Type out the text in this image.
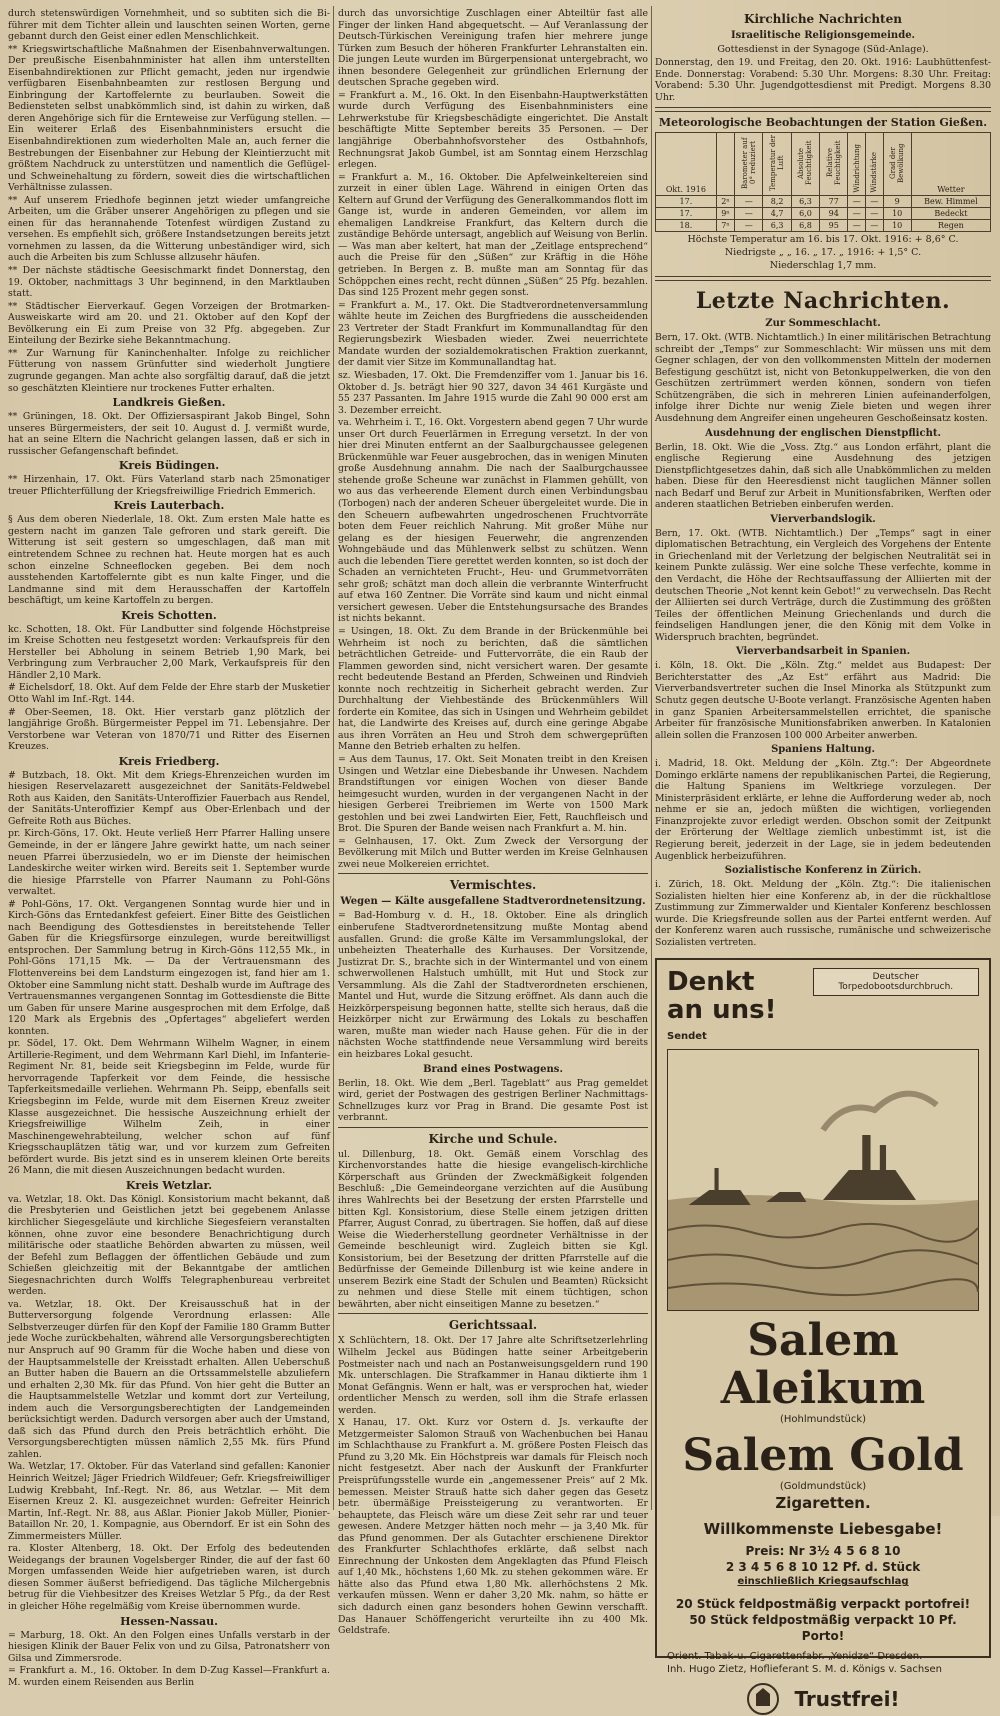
durch stetenswürdigen Vornehmheit, und so subtiten sich die Bi- führer mit dem Tichter allein und lauschten seinen Worten, gerne gebannt durch den Geist einer edlen Menschlichkeit.

** Kriegswirtschaftliche Maßnahmen der Eisenbahnverwaltungen. Der preußische Eisenbahnminister hat allen ihm unterstellten Eisenbahndirektionen zur Pflicht gemacht, jeden nur irgendwie verfügbaren Eisenbahnbeamten zur restlosen Bergung und Einbringung der Kartoffelernte zu beurlauben. Soweit die Bediensteten selbst unabkömmlich sind, ist dahin zu wirken, daß deren Angehörige sich für die Ernteweise zur Verfügung stellen. — Ein weiterer Erlaß des Eisenbahnministers ersucht die Eisenbahndirektionen zum wiederholten Male an, auch ferner die Bestrebungen der Eisenbahner zur Hebung der Kleintierzucht mit größtem Nachdruck zu unterstützen und namentlich die Geflügel- und Schweinehaltung zu fördern, soweit dies die wirtschaftlichen Verhältnisse zulassen.

** Auf unserem Friedhofe beginnen jetzt wieder umfangreiche Arbeiten, um die Gräber unserer Angehörigen zu pflegen und sie einen für das herannahende Totenfest würdigen Zustand zu versehen. Es empfiehlt sich, größere Instandsetzungen bereits jetzt vornehmen zu lassen, da die Witterung unbeständiger wird, sich auch die Arbeiten bis zum Schlusse allzusehr häufen.

** Der nächste städtische Geesischmarkt findet Donnerstag, den 19. Oktober, nachmittags 3 Uhr beginnend, in den Marktlauben statt.

** Städtischer Eierverkauf. Gegen Vorzeigen der Brotmarken-Ausweiskarte wird am 20. und 21. Oktober auf den Kopf der Bevölkerung ein Ei zum Preise von 32 Pfg. abgegeben. Zur Einteilung der Bezirke siehe Bekanntmachung.

** Zur Warnung für Kaninchenhalter. Infolge zu reichlicher Fütterung von nassem Grünfutter sind wiederholt Jungtiere zugrunde gegangen. Man achte also sorgfältig darauf, daß die jetzt so geschätzten Kleintiere nur trockenes Futter erhalten.

Landkreis Gießen.

** Grüningen, 18. Okt. Der Offiziersaspirant Jakob Bingel, Sohn unseres Bürgermeisters, der seit 10. August d. J. vermißt wurde, hat an seine Eltern die Nachricht gelangen lassen, daß er sich in russischer Gefangenschaft befindet.

Kreis Büdingen.

** Hirzenhain, 17. Okt. Fürs Vaterland starb nach 25monatiger treuer Pflichterfüllung der Kriegsfreiwillige Friedrich Emmerich.

Kreis Lauterbach.

§ Aus dem oberen Niederlale, 18. Okt. Zum ersten Male hatte es gestern nacht im ganzen Tale gefroren und stark gereift. Die Witterung ist seit gestern so umgeschlagen, daß man mit eintretendem Schnee zu rechnen hat. Heute morgen hat es auch schon einzelne Schneeflocken gegeben. Bei dem noch ausstehenden Kartoffelernte gibt es nun kalte Finger, und die Landmanne sind mit dem Herausschaffen der Kartoffeln beschäftigt, um keine Kartoffeln zu bergen.

Kreis Schotten.

kc. Schotten, 18. Okt. Für Landbutter sind folgende Höchstpreise im Kreise Schotten neu festgesetzt worden: Verkaufspreis für den Hersteller bei Abholung in seinem Betrieb 1,90 Mark, bei Verbringung zum Verbraucher 2,00 Mark, Verkaufspreis für den Händler 2,10 Mark.

# Eichelsdorf, 18. Okt. Auf dem Felde der Ehre starb der Musketier Otto Wahl im Inf.-Rgt. 144.

# Ober-Seemen, 18. Okt. Hier verstarb ganz plötzlich der langjährige Großh. Bürgermeister Peppel im 71. Lebensjahre. Der Verstorbene war Veteran von 1870/71 und Ritter des Eisernen Kreuzes.

Kreis Friedberg.

# Butzbach, 18. Okt. Mit dem Kriegs-Ehrenzeichen wurden im hiesigen Reservelazarett ausgezeichnet der Sanitäts-Feldwebel Roth aus Kaiden, den Sanitäts-Unteroffizier Fauerbach aus Rendel, der Sanitäts-Unteroffizier Kempf aus Ober-Erlenbach und der Gefreite Roth aus Büches.

pr. Kirch-Göns, 17. Okt. Heute verließ Herr Pfarrer Halling unsere Gemeinde, in der er längere Jahre gewirkt hatte, um nach seiner neuen Pfarrei überzusiedeln, wo er im Dienste der heimischen Landeskirche weiter wirken wird. Bereits seit 1. September wurde die hiesige Pfarrstelle von Pfarrer Naumann zu Pohl-Göns verwaltet.

# Pohl-Göns, 17. Okt. Vergangenen Sonntag wurde hier und in Kirch-Göns das Erntedankfest gefeiert. Einer Bitte des Geistlichen nach Beendigung des Gottesdienstes in bereitstehende Teller Gaben für die Kriegsfürsorge einzulegen, wurde bereitwilligst entsprochen. Der Sammlung betrug in Kirch-Göns 112,55 Mk., in Pohl-Göns 171,15 Mk. — Da der Vertrauensmann des Flottenvereins bei dem Landsturm eingezogen ist, fand hier am 1. Oktober eine Sammlung nicht statt. Deshalb wurde im Auftrage des Vertrauensmannes vergangenen Sonntag im Gottesdienste die Bitte um Gaben für unsere Marine ausgesprochen mit dem Erfolge, daß 120 Mark als Ergebnis des „Opfertages“ abgeliefert werden konnten.

pr. Södel, 17. Okt. Dem Wehrmann Wilhelm Wagner, in einem Artillerie-Regiment, und dem Wehrmann Karl Diehl, im Infanterie-Regiment Nr. 81, beide seit Kriegsbeginn im Felde, wurde für hervorragende Tapferkeit vor dem Feinde, die hessische Tapferkeitsmedaille verliehen. Wehrmann Ph. Seipp, ebenfalls seit Kriegsbeginn im Felde, wurde mit dem Eisernen Kreuz zweiter Klasse ausgezeichnet. Die hessische Auszeichnung erhielt der Kriegsfreiwillige Wilhelm Zeih, in einer Maschinengewehrabteilung, welcher schon auf fünf Kriegsschauplätzen tätig war, und vor kurzem zum Gefreiten befördert wurde. Bis jetzt sind es in unserem kleinen Orte bereits 26 Mann, die mit diesen Auszeichnungen bedacht wurden.

Kreis Wetzlar.

va. Wetzlar, 18. Okt. Das Königl. Konsistorium macht bekannt, daß die Presbyterien und Geistlichen jetzt bei gegebenem Anlasse kirchlicher Siegesgeläute und kirchliche Siegesfeiern veranstalten können, ohne zuvor eine besondere Benachrichtigung durch militärische oder staatliche Behörden abwarten zu müssen, weil der Befehl zum Beflaggen der öffentlichen Gebäude und zum Schießen gleichzeitig mit der Bekanntgabe der amtlichen Siegesnachrichten durch Wolffs Telegraphenbureau verbreitet werden.

va. Wetzlar, 18. Okt. Der Kreisausschuß hat in der Butterversorgung folgende Verordnung erlassen: Alle Selbstverzeuger dürfen für den Kopf der Familie 180 Gramm Butter jede Woche zurückbehalten, während alle Versorgungsberechtigten nur Anspruch auf 90 Gramm für die Woche haben und diese von der Hauptsammelstelle der Kreisstadt erhalten. Allen Ueberschuß an Butter haben die Bauern an die Ortssammelstelle abzuliefern und erhalten 2,30 Mk. für das Pfund. Von hier geht die Butter an die Hauptsammelstelle Wetzlar und kommt dort zur Verteilung, indem auch die Versorgungsberechtigten der Landgemeinden berücksichtigt werden. Dadurch versorgen aber auch der Umstand, daß sich das Pfund durch den Preis beträchtlich erhöht. Die Versorgungsberechtigten müssen nämlich 2,55 Mk. fürs Pfund zahlen.

Wa. Wetzlar, 17. Oktober. Für das Vaterland sind gefallen: Kanonier Heinrich Weitzel; Jäger Friedrich Wildfeuer; Gefr. Kriegsfreiwilliger Ludwig Krebbaht, Inf.-Regt. Nr. 86, aus Wetzlar. — Mit dem Eisernen Kreuz 2. Kl. ausgezeichnet wurden: Gefreiter Heinrich Martin, Inf.-Regt. Nr. 88, aus Aßlar. Pionier Jakob Müller, Pionier-Bataillon Nr. 20, 1. Kompagnie, aus Oberndorf. Er ist ein Sohn des Zimmermeisters Müller.

ra. Kloster Altenberg, 18. Okt. Der Erfolg des bedeutenden Weidegangs der braunen Vogelsberger Rinder, die auf der fast 60 Morgen umfassenden Weide hier aufgetrieben waren, ist durch diesen Sommer äußerst befriedigend. Das tägliche Milchergebnis betrug für die Viehbesitzer des Kreises Wetzlar 5 Pfg., da der Rest in gleicher Höhe regelmäßig vom Kreise übernommen wurde.

Hessen-Nassau.

= Marburg, 18. Okt. An den Folgen eines Unfalls verstarb in der hiesigen Klinik der Bauer Felix von und zu Gilsa, Patronatsherr von Gilsa und Zimmersrode.

= Frankfurt a. M., 16. Oktober. In dem D-Zug Kassel—Frankfurt a. M. wurden einem Reisenden aus Berlin

durch das unvorsichtige Zuschlagen einer Abteiltür fast alle Finger der linken Hand abgequetscht. — Auf Veranlassung der Deutsch-Türkischen Vereinigung trafen hier mehrere junge Türken zum Besuch der höheren Frankfurter Lehranstalten ein. Die jungen Leute wurden im Bürgerpensionat untergebracht, wo ihnen besondere Gelegenheit zur gründlichen Erlernung der deutschen Sprache gegeben wird.

= Frankfurt a. M., 16. Okt. In den Eisenbahn-Hauptwerkstätten wurde durch Verfügung des Eisenbahnministers eine Lehrwerkstube für Kriegsbeschädigte eingerichtet. Die Anstalt beschäftigte Mitte September bereits 35 Personen. — Der langjährige Oberbahnhofsvorsteher des Ostbahnhofs, Rechnungsrat Jakob Gumbel, ist am Sonntag einem Herzschlag erlegen.

= Frankfurt a. M., 16. Oktober. Die Apfelweinkeltereien sind zurzeit in einer üblen Lage. Während in einigen Orten das Keltern auf Grund der Verfügung des Generalkommandos flott im Gange ist, wurde in anderen Gemeinden, vor allem im ehemaligen Landkreise Frankfurt, das Keltern durch die zuständige Behörde untersagt, angeblich auf Weisung von Berlin. — Was man aber keltert, hat man der „Zeitlage entsprechend“ auch die Preise für den „Süßen“ zur Kräftig in die Höhe getrieben. In Bergen z. B. mußte man am Sonntag für das Schöppchen eines recht, recht dünnen „Süßen“ 25 Pfg. bezahlen. Das sind 125 Prozent mehr gegen sonst.

= Frankfurt a. M., 17. Okt. Die Stadtverordnetenversammlung wählte heute im Zeichen des Burgfriedens die ausscheidenden 23 Vertreter der Stadt Frankfurt im Kommunallandtag für den Regierungsbezirk Wiesbaden wieder. Zwei neuerrichtete Mandate wurden der sozialdemokratischen Fraktion zuerkannt, der damit vier Sitze im Kommunallandtag hat.

sz. Wiesbaden, 17. Okt. Die Fremdenziffer vom 1. Januar bis 16. Oktober d. Js. beträgt hier 90 327, davon 34 461 Kurgäste und 55 237 Passanten. Im Jahre 1915 wurde die Zahl 90 000 erst am 3. Dezember erreicht.

va. Wehrheim i. T., 16. Okt. Vorgestern abend gegen 7 Uhr wurde unser Ort durch Feuerlärmen in Erregung versetzt. In der von hier drei Minuten entfernt an der Saalburgchaussee gelegenen Brückenmühle war Feuer ausgebrochen, das in wenigen Minuten große Ausdehnung annahm. Die nach der Saalburgchaussee stehende große Scheune war zunächst in Flammen gehüllt, von wo aus das verheerende Element durch einen Verbindungsbau (Torbogen) nach der anderen Scheuer übergeleitet wurde. Die in den Scheuern aufbewahrten ungedroschenen Fruchtvorräte boten dem Feuer reichlich Nahrung. Mit großer Mühe nur gelang es der hiesigen Feuerwehr, die angrenzenden Wohngebäude und das Mühlenwerk selbst zu schützen. Wenn auch die lebenden Tiere gerettet werden konnten, so ist doch der Schaden an vernichteten Frucht-, Heu- und Grummetvorräten sehr groß; schätzt man doch allein die verbrannte Winterfrucht auf etwa 160 Zentner. Die Vorräte sind kaum und nicht einmal versichert gewesen. Ueber die Entstehungsursache des Brandes ist nichts bekannt.

= Usingen, 18. Okt. Zu dem Brande in der Brückenmühle bei Wehrheim ist noch zu berichten, daß die sämtlichen beträchtlichen Getreide- und Futtervorräte, die ein Raub der Flammen geworden sind, nicht versichert waren. Der gesamte recht bedeutende Bestand an Pferden, Schweinen und Rindvieh konnte noch rechtzeitig in Sicherheit gebracht werden. Zur Durchhaltung der Viehbestände des Brückenmühlers Will forderte ein Komitee, das sich in Usingen und Wehrheim gebildet hat, die Landwirte des Kreises auf, durch eine geringe Abgabe aus ihren Vorräten an Heu und Stroh dem schwergeprüften Manne den Betrieb erhalten zu helfen.

= Aus dem Taunus, 17. Okt. Seit Monaten treibt in den Kreisen Usingen und Wetzlar eine Diebesbande ihr Unwesen. Nachdem Brandstiftungen vor einigen Wochen von dieser Bande heimgesucht wurden, wurden in der vergangenen Nacht in der hiesigen Gerberei Treibriemen im Werte von 1500 Mark gestohlen und bei zwei Landwirten Eier, Fett, Rauchfleisch und Brot. Die Spuren der Bande weisen nach Frankfurt a. M. hin.

= Gelnhausen, 17. Okt. Zum Zweck der Versorgung der Bevölkerung mit Milch und Butter werden im Kreise Gelnhausen zwei neue Molkereien errichtet.

Vermischtes.
Wegen — Kälte ausgefallene Stadtverordnetensitzung.

= Bad-Homburg v. d. H., 18. Oktober. Eine als dringlich einberufene Stadtverordnetensitzung mußte Montag abend ausfallen. Grund: die große Kälte im Versammlungslokal, der unbeheizten Theaterhalle des Kurhauses. Der Vorsitzende, Justizrat Dr. S., brachte sich in der Wintermantel und von einem schwerwollenen Halstuch umhüllt, mit Hut und Stock zur Versammlung. Als die Zahl der Stadtverordneten erschienen, Mantel und Hut, wurde die Sitzung eröffnet. Als dann auch die Heizkörperspeisung begonnen hatte, stellte sich heraus, daß die Heizkörper nicht zur Erwärmung des Lokals zu beschaffen waren, mußte man wieder nach Hause gehen. Für die in der nächsten Woche stattfindende neue Versammlung wird bereits ein heizbares Lokal gesucht.

Brand eines Postwagens.

Berlin, 18. Okt. Wie dem „Berl. Tageblatt“ aus Prag gemeldet wird, geriet der Postwagen des gestrigen Berliner Nachmittags-Schnellzuges kurz vor Prag in Brand. Die gesamte Post ist verbrannt.

Kirche und Schule.

ul. Dillenburg, 18. Okt. Gemäß einem Vorschlag des Kirchenvorstandes hatte die hiesige evangelisch-kirchliche Körperschaft aus Gründen der Zweckmäßigkeit folgenden Beschluß: „Die Gemeindeorgane verzichten auf die Ausübung ihres Wahlrechts bei der Besetzung der ersten Pfarrstelle und bitten Kgl. Konsistorium, diese Stelle einem jetzigen dritten Pfarrer, August Conrad, zu übertragen. Sie hoffen, daß auf diese Weise die Wiederherstellung geordneter Verhältnisse in der Gemeinde beschleunigt wird. Zugleich bitten sie Kgl. Konsistorium, bei der Besetzung der dritten Pfarrstelle auf die Bedürfnisse der Gemeinde Dillenburg ist wie keine andere in unserem Bezirk eine Stadt der Schulen und Beamten) Rücksicht zu nehmen und diese Stelle mit einem tüchtigen, schon bewährten, aber nicht einseitigen Manne zu besetzen.“

Gerichtssaal.

X Schlüchtern, 18. Okt. Der 17 Jahre alte Schriftsetzerlehrling Wilhelm Jeckel aus Büdingen hatte seiner Arbeitgeberin Postmeister nach und nach an Postanweisungsgeldern rund 190 Mk. unterschlagen. Die Strafkammer in Hanau diktierte ihm 1 Monat Gefängnis. Wenn er halt, was er versprochen hat, wieder ordentlicher Mensch zu werden, soll ihm die Strafe erlassen werden.

X Hanau, 17. Okt. Kurz vor Ostern d. Js. verkaufte der Metzgermeister Salomon Strauß von Wachenbuchen bei Hanau im Schlachthause zu Frankfurt a. M. größere Posten Fleisch das Pfund zu 3,20 Mk. Ein Höchstpreis war damals für Fleisch noch nicht festgesetzt. Aber nach der Auskunft der Frankfurter Preisprüfungsstelle wurde ein „angemessener Preis“ auf 2 Mk. bemessen. Meister Strauß hatte sich daher gegen das Gesetz betr. übermäßige Preissteigerung zu verantworten. Er behauptete, das Fleisch wäre um diese Zeit sehr rar und teuer gewesen. Andere Metzger hätten noch mehr — ja 3,40 Mk. für das Pfund genommen. Der als Gutachter erschienene Direktor des Frankfurter Schlachthofes erklärte, daß selbst nach Einrechnung der Unkosten dem Angeklagten das Pfund Fleisch auf 1,40 Mk., höchstens 1,60 Mk. zu stehen gekommen wäre. Er hätte also das Pfund etwa 1,80 Mk. allerhöchstens 2 Mk. verkaufen müssen. Wenn er daher 3,20 Mk. nahm, so hätte er sich dadurch einen ganz besonders hohen Gewinn verschafft. Das Hanauer Schöffengericht verurteilte ihn zu 400 Mk. Geldstrafe.

Kirchliche Nachrichten
Israelitische Religionsgemeinde.
Gottesdienst in der Synagoge (Süd-Anlage).

Donnerstag, den 19. und Freitag, den 20. Okt. 1916: Laubhüttenfest-Ende. Donnerstag: Vorabend: 5.30 Uhr. Morgens: 8.30 Uhr. Freitag: Vorabend: 5.30 Uhr. Jugendgottesdienst mit Predigt. Morgens 8.30 Uhr.

Meteorologische Beobachtungen der Station Gießen.
Okt. 1916		Barometer auf 0° reduziert	Temperatur der Luft	Absolute Feuchtigkeit	Relative Feuchtigkeit	Windrichtung	Windstärke	Grad der Bewölkung	Wetter
17.	2ⁿ	—	8,2	6,3	77	—	—	9	Bew. Himmel
17.	9ⁿ	—	4,7	6,0	94	—	—	10	Bedeckt
18.	7ⁿ	—	6,3	6,8	95	—	—	10	Regen
Höchste Temperatur am 16. bis 17. Okt. 1916: + 8,6° C.
Niedrigste „ „ 16. „ 17. „ 1916: + 1,5° C.
Niederschlag 1,7 mm.
Letzte Nachrichten.
Zur Sommeschlacht.

Bern, 17. Okt. (WTB. Nichtamtlich.) In einer militärischen Betrachtung schreibt der „Temps“ zur Sommeschlacht: Wir müssen uns mit dem Gegner schlagen, der von den vollkommensten Mitteln der modernen Befestigung geschützt ist, nicht von Betonkuppelwerken, die von den Geschützen zertrümmert werden können, sondern von tiefen Schützengräben, die sich in mehreren Linien aufeinanderfolgen, infolge ihrer Dichte nur wenig Ziele bieten und wegen ihrer Ausdehnung dem Angreifer einen ungeheuren Geschoßeinsatz kosten.

Ausdehnung der englischen Dienstpflicht.

Berlin, 18. Okt. Wie die „Voss. Ztg.“ aus London erfährt, plant die englische Regierung eine Ausdehnung des jetzigen Dienstpflichtgesetzes dahin, daß sich alle Unabkömmlichen zu melden haben. Diese für den Heeresdienst nicht tauglichen Männer sollen nach Bedarf und Beruf zur Arbeit in Munitionsfabriken, Werften oder anderen staatlichen Betrieben einberufen werden.

Vierverbandslogik.

Bern, 17. Okt. (WTB. Nichtamtlich.) Der „Temps“ sagt in einer diplomatischen Betrachtung, ein Vergleich des Vorgehens der Entente in Griechenland mit der Verletzung der belgischen Neutralität sei in keinem Punkte zulässig. Wer eine solche These verfechte, komme in den Verdacht, die Höhe der Rechtsauffassung der Alliierten mit der deutschen Theorie „Not kennt kein Gebot!“ zu verwechseln. Das Recht der Alliierten sei durch Verträge, durch die Zustimmung des größten Teiles der öffentlichen Meinung Griechenlands und durch die feindseligen Handlungen jener, die den König mit dem Volke in Widerspruch brachten, begründet.

Vierverbandsarbeit in Spanien.

i. Köln, 18. Okt. Die „Köln. Ztg.“ meldet aus Budapest: Der Berichterstatter des „Az Est“ erfährt aus Madrid: Die Vierverbandsvertreter suchen die Insel Minorka als Stützpunkt zum Schutz gegen deutsche U-Boote verlangt. Französische Agenten haben in ganz Spanien Arbeitersammelstellen errichtet, die spanische Arbeiter für französische Munitionsfabriken anwerben. In Katalonien allein sollen die Franzosen 100 000 Arbeiter anwerben.

Spaniens Haltung.

i. Madrid, 18. Okt. Meldung der „Köln. Ztg.“: Der Abgeordnete Domingo erklärte namens der republikanischen Partei, die Regierung, die Haltung Spaniens im Weltkriege vorzulegen. Der Ministerpräsident erklärte, er lehne die Aufforderung weder ab, noch nehme er sie an, jedoch müßten die wichtigen, vorliegenden Finanzprojekte zuvor erledigt werden. Obschon somit der Zeitpunkt der Erörterung der Weltlage ziemlich unbestimmt ist, ist die Regierung bereit, jederzeit in der Lage, sie in jedem bedeutenden Augenblick herbeizuführen.

Sozialistische Konferenz in Zürich.

i. Zürich, 18. Okt. Meldung der „Köln. Ztg.“: Die italienischen Sozialisten hielten hier eine Konferenz ab, in der die rückhaltlose Zustimmung zur Zimmerwalder und Kientaler Konferenz beschlossen wurde. Die Kriegsfreunde sollen aus der Partei entfernt werden. Auf der Konferenz waren auch russische, rumänische und schweizerische Sozialisten vertreten.

Denkt
an uns! Sendet
Deutscher Torpedobootsdurchbruch.
Salem Aleikum
(Hohlmundstück)
Salem Gold
(Goldmundstück)
Zigaretten.
Willkommenste Liebesgabe!
Preis: Nr 3½ 4 5 6 8 10
2 3 4 5 6 8 10 12 Pf. d. Stück
einschließlich Kriegsaufschlag
20 Stück feldpostmäßig verpackt portofrei!
50 Stück feldpostmäßig verpackt 10 Pf. Porto!
Orient. Tabak-u. Cigarettenfabr. „Yenidze“ Dresden.
Inh. Hugo Zietz, Hoflieferant S. M. d. Königs v. Sachsen
Trustfrei!
